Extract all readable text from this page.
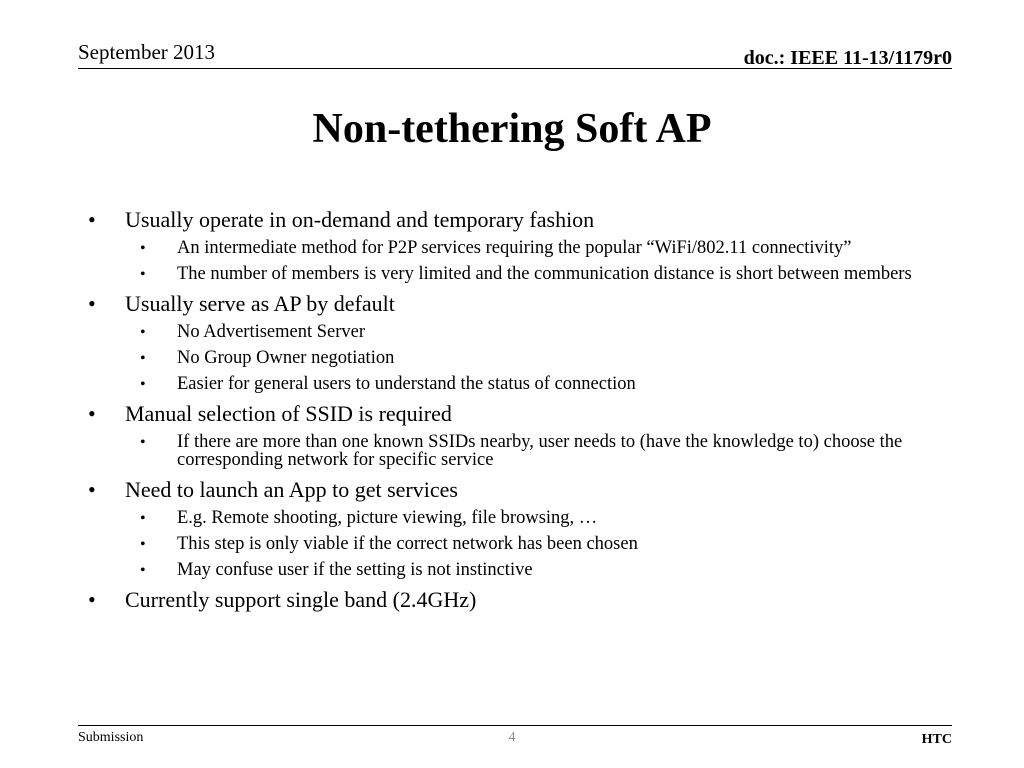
September 2013	doc.: IEEE 11-13/1179r0
Non-tethering Soft AP
• Usually operate in on-demand and temporary fashion
• An intermediate method for P2P services requiring the popular “WiFi/802.11 connectivity”
• The number of members is very limited and the communication distance is short between members
• Usually serve as AP by default
• No Advertisement Server
• No Group Owner negotiation
• Easier for general users to understand the status of connection
• Manual selection of SSID is required
• If there are more than one known SSIDs nearby, user needs to (have the knowledge to) choose the corresponding network for specific service
• Need to launch an App to get services
• E.g. Remote shooting, picture viewing, file browsing, …
• This step is only viable if the correct network has been chosen
• May confuse user if the setting is not instinctive
• Currently support single band (2.4GHz)
Submission	4	HTC
